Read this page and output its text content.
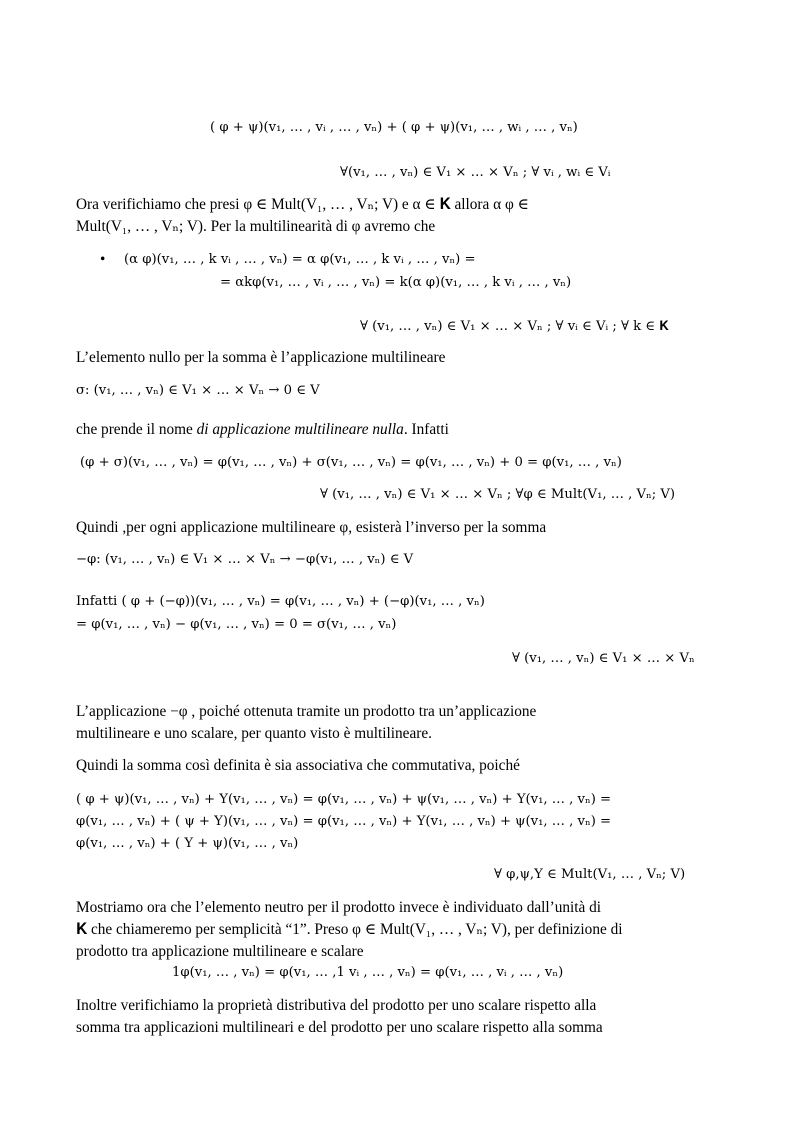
( φ + ψ)(v₁, … , vᵢ , … , vₙ) + ( φ + ψ)(v₁, … , wᵢ , … , vₙ)
∀(v₁, … , vₙ) ∈ V₁ × … × Vₙ ; ∀ vᵢ , wᵢ ∈ Vᵢ
Ora verifichiamo che presi φ ∈ Mult(V₁, … , Vₙ; V) e α ∈ 𝐊 allora α φ ∈
Mult(V₁, … , Vₙ; V). Per la multilinearità di φ avremo che
• (α φ)(v₁, … , k vᵢ , … , vₙ) = α φ(v₁, … , k vᵢ , … , vₙ) =
= αkφ(v₁, … , vᵢ , … , vₙ) = k(α φ)(v₁, … , k vᵢ , … , vₙ)
∀ (v₁, … , vₙ) ∈ V₁ × … × Vₙ ; ∀ vᵢ ∈ Vᵢ ; ∀ k ∈ 𝐊
L’elemento nullo per la somma è l’applicazione multilineare
σ: (v₁, … , vₙ) ∈ V₁ × … × Vₙ → 0 ∈ V
che prende il nome di applicazione multilineare nulla. Infatti
(φ + σ)(v₁, … , vₙ) = φ(v₁, … , vₙ) + σ(v₁, … , vₙ) = φ(v₁, … , vₙ) + 0 = φ(v₁, … , vₙ)
∀ (v₁, … , vₙ) ∈ V₁ × … × Vₙ ; ∀φ ∈ Mult(V₁, … , Vₙ; V)
Quindi ,per ogni applicazione multilineare φ, esisterà l’inverso per la somma
−φ: (v₁, … , vₙ) ∈ V₁ × … × Vₙ → −φ(v₁, … , vₙ) ∈ V
Infatti ( φ + (−φ))(v₁, … , vₙ) = φ(v₁, … , vₙ) + (−φ)(v₁, … , vₙ)
= φ(v₁, … , vₙ) − φ(v₁, … , vₙ) = 0 = σ(v₁, … , vₙ)
∀ (v₁, … , vₙ) ∈ V₁ × … × Vₙ
L’applicazione −φ , poiché ottenuta tramite un prodotto tra un’applicazione
multilineare e uno scalare, per quanto visto è multilineare.
Quindi la somma così definita è sia associativa che commutativa, poiché
( φ + ψ)(v₁, … , vₙ) + Υ(v₁, … , vₙ) = φ(v₁, … , vₙ) + ψ(v₁, … , vₙ) + Υ(v₁, … , vₙ) =
φ(v₁, … , vₙ) + ( ψ + Υ)(v₁, … , vₙ) = φ(v₁, … , vₙ) + Υ(v₁, … , vₙ) + ψ(v₁, … , vₙ) =
φ(v₁, … , vₙ) + ( Υ + ψ)(v₁, … , vₙ)
∀ φ,ψ,Υ ∈ Mult(V₁, … , Vₙ; V)
Mostriamo ora che l’elemento neutro per il prodotto invece è individuato dall’unità di
𝐊 che chiameremo per semplicità “1”. Preso φ ∈ Mult(V₁, … , Vₙ; V), per definizione di
prodotto tra applicazione multilineare e scalare
1φ(v₁, … , vₙ) = φ(v₁, … ,1 vᵢ , … , vₙ) = φ(v₁, … , vᵢ , … , vₙ)
Inoltre verifichiamo la proprietà distributiva del prodotto per uno scalare rispetto alla
somma tra applicazioni multilineari e del prodotto per uno scalare rispetto alla somma
